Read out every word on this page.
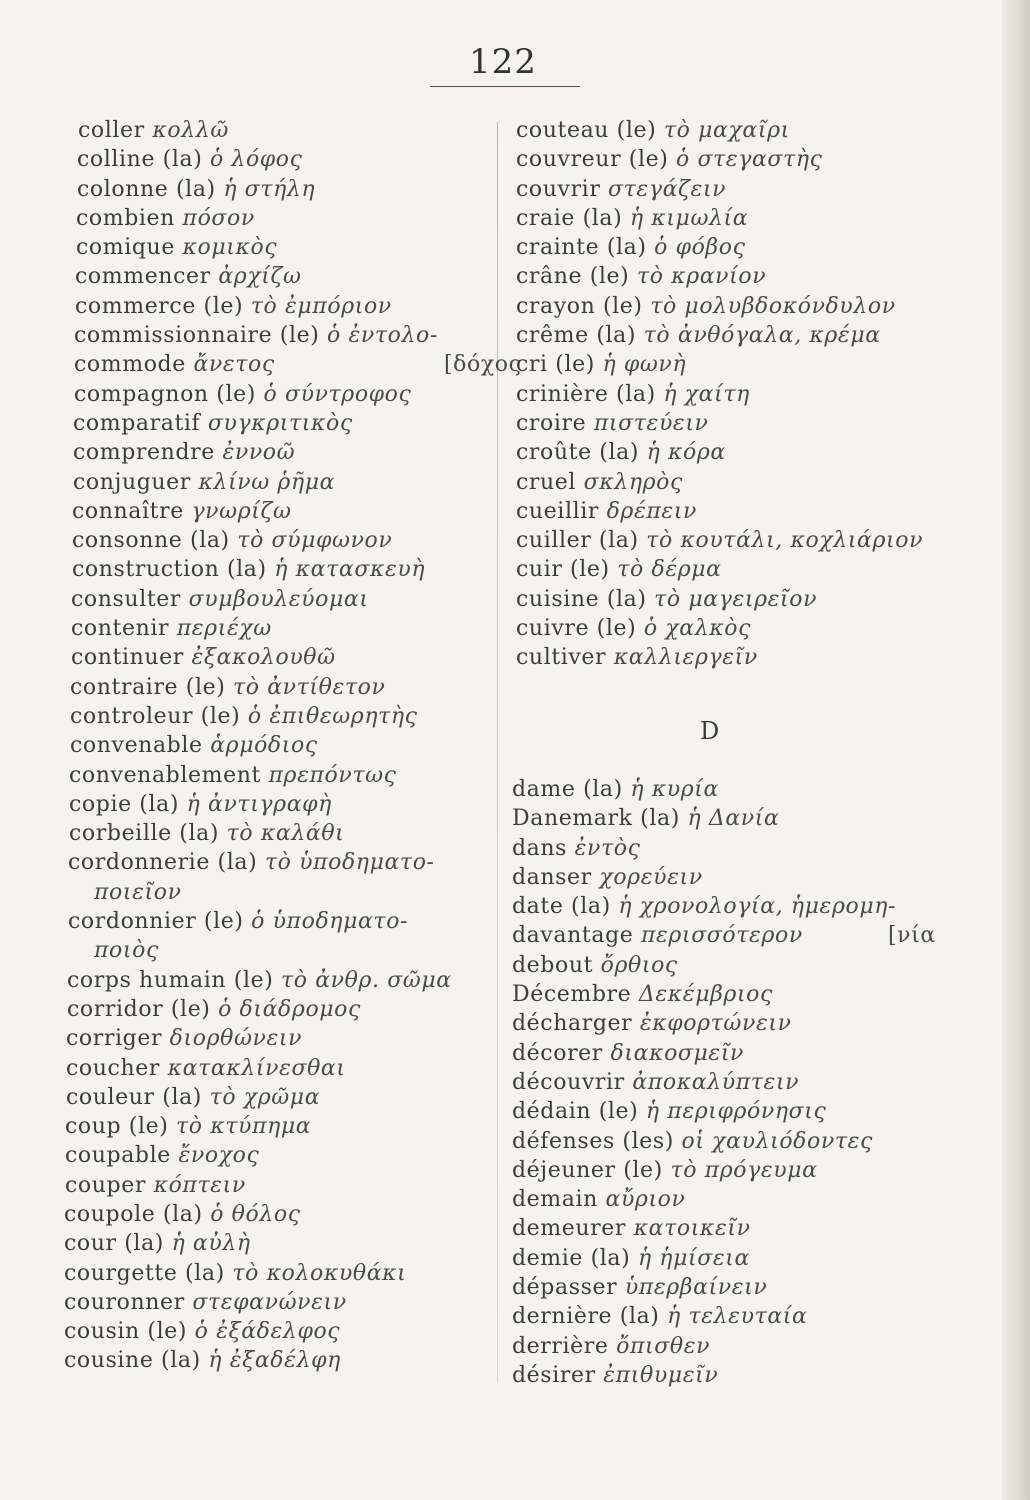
122
coller κολλῶ
colline (la) ὁ λόφος
colonne (la) ἡ στήλη
combien πόσον
comique κομικὸς
commencer ἀρχίζω
commerce (le) τὸ ἐμπόριον
commissionnaire (le) ὁ ἐντολο-
commode ἄνετος	[δόχος
compagnon (le) ὁ σύντροφος
comparatif συγκριτικὸς
comprendre ἐννοῶ
conjuguer κλίνω ῥῆμα
connaître γνωρίζω
consonne (la) τὸ σύμφωνον
construction (la) ἡ κατασκευὴ
consulter συμβουλεύομαι
contenir περιέχω
continuer ἐξακολουθῶ
contraire (le) τὸ ἀντίθετον
controleur (le) ὁ ἐπιθεωρητὴς
convenable ἁρμόδιος
convenablement πρεπόντως
copie (la) ἡ ἀντιγραφὴ
corbeille (la) τὸ καλάθι
cordonnerie (la) τὸ ὑποδηματο-
ποιεῖον
cordonnier (le) ὁ ὑποδηματο-
ποιὸς
corps humain (le) τὸ ἀνθρ. σῶμα
corridor (le) ὁ διάδρομος
corriger διορθώνειν
coucher κατακλίνεσθαι
couleur (la) τὸ χρῶμα
coup (le) τὸ κτύπημα
coupable ἔνοχος
couper κόπτειν
coupole (la) ὁ θόλος
cour (la) ἡ αὐλὴ
courgette (la) τὸ κολοκυθάκι
couronner στεφανώνειν
cousin (le) ὁ ἐξάδελφος
cousine (la) ἡ ἐξαδέλφη
couteau (le) τὸ μαχαῖρι
couvreur (le) ὁ στεγαστὴς
couvrir στεγάζειν
craie (la) ἡ κιμωλία
crainte (la) ὁ φόβος
crâne (le) τὸ κρανίον
crayon (le) τὸ μολυβδοκόνδυλον
crême (la) τὸ ἀνθόγαλα, κρέμα
cri (le) ἡ φωνὴ
crinière (la) ἡ χαίτη
croire πιστεύειν
croûte (la) ἡ κόρα
cruel σκληρὸς
cueillir δρέπειν
cuiller (la) τὸ κουτάλι, κοχλιάριον
cuir (le) τὸ δέρμα
cuisine (la) τὸ μαγειρεῖον
cuivre (le) ὁ χαλκὸς
cultiver καλλιεργεῖν
D
dame (la) ἡ κυρία
Danemark (la) ἡ Δανία
dans ἐντὸς
danser χορεύειν
date (la) ἡ χρονολογία, ἡμερομη-
davantage περισσότερον	[νία
debout ὄρθιος
Décembre Δεκέμβριος
décharger ἐκφορτώνειν
décorer διακοσμεῖν
découvrir ἀποκαλύπτειν
dédain (le) ἡ περιφρόνησις
défenses (les) οἱ χαυλιόδοντες
déjeuner (le) τὸ πρόγευμα
demain αὔριον
demeurer κατοικεῖν
demie (la) ἡ ἡμίσεια
dépasser ὑπερβαίνειν
dernière (la) ἡ τελευταία
derrière ὄπισθεν
désirer ἐπιθυμεῖν
